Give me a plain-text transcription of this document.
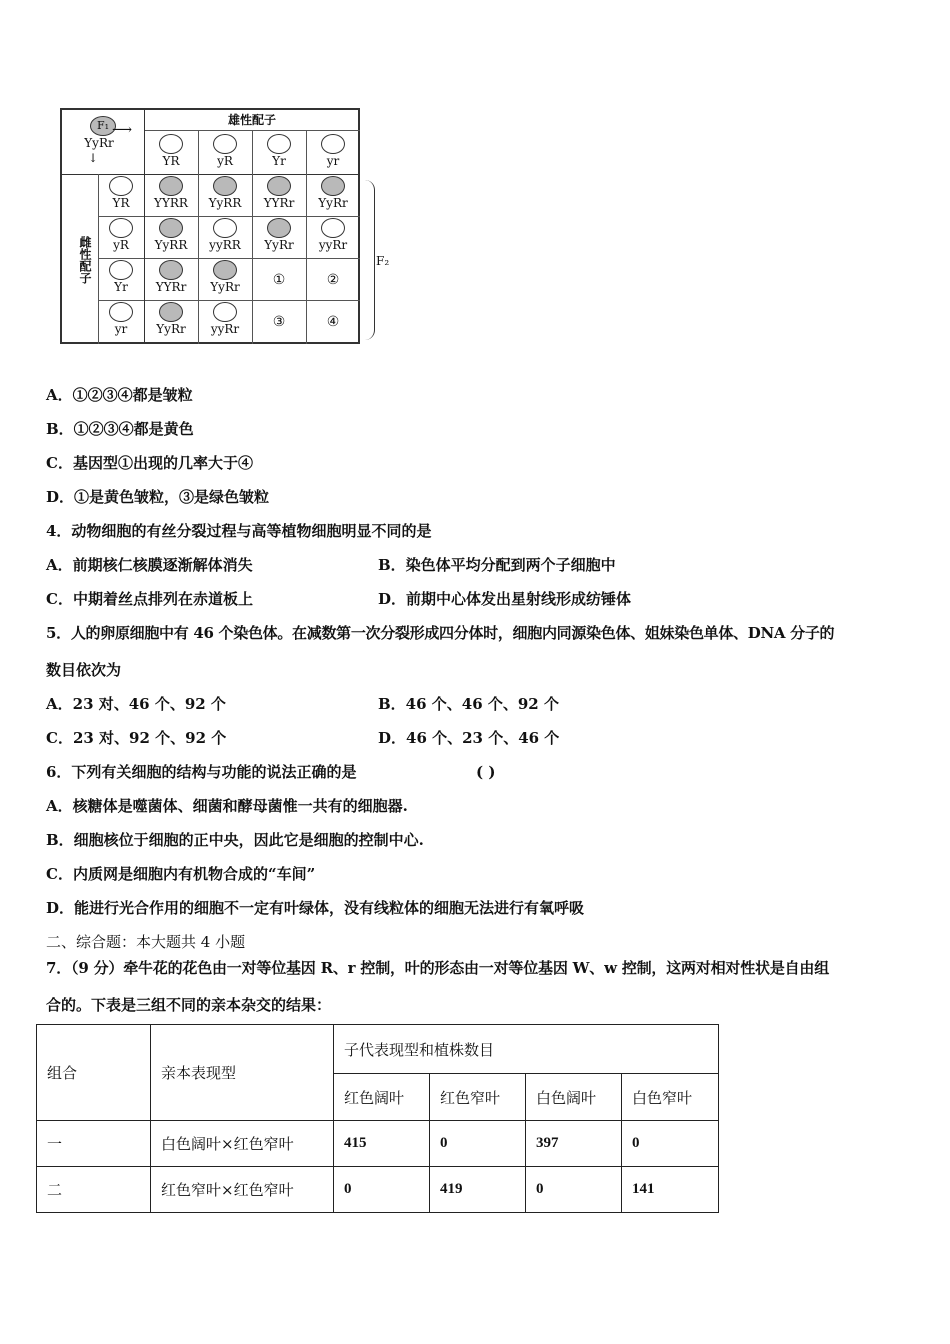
F₁
YyRr
↓
⟶
雄性配子
YR	yR	Yr	yr
雌性配子
YR	YYRR	YyRR	YYRr	YyRr
yR	YyRR	yyRR	YyRr	yyRr
Yr	YYRr	YyRr	①	②
yr	YyRr	yyRr	③	④
F₂
A．①②③④都是皱粒
B．①②③④都是黄色
C．基因型①出现的几率大于④
D．①是黄色皱粒，③是绿色皱粒
4．动物细胞的有丝分裂过程与高等植物细胞明显不同的是
A．前期核仁核膜逐渐解体消失	B．染色体平均分配到两个子细胞中
C．中期着丝点排列在赤道板上	D．前期中心体发出星射线形成纺锤体
5．人的卵原细胞中有 46 个染色体。在减数第一次分裂形成四分体时，细胞内同源染色体、姐妹染色单体、DNA 分子的
数目依次为
A．23 对、46 个、92 个	B．46 个、46 个、92 个
C．23 对、92 个、92 个	D．46 个、23 个、46 个
6．下列有关细胞的结构与功能的说法正确的是	( )
A．核糖体是噬菌体、细菌和酵母菌惟一共有的细胞器.
B．细胞核位于细胞的正中央，因此它是细胞的控制中心.
C．内质网是细胞内有机物合成的“车间”
D．能进行光合作用的细胞不一定有叶绿体，没有线粒体的细胞无法进行有氧呼吸
二、综合题：本大题共 4 小题
7．（9 分）牵牛花的花色由一对等位基因 R、r 控制，叶的形态由一对等位基因 W、w 控制，这两对相对性状是自由组
合的。下表是三组不同的亲本杂交的结果：
组合	亲本表现型	子代表现型和植株数目			
		红色阔叶	红色窄叶	白色阔叶	白色窄叶
一	白色阔叶×红色窄叶	415	0	397	0
二	红色窄叶×红色窄叶	0	419	0	141
